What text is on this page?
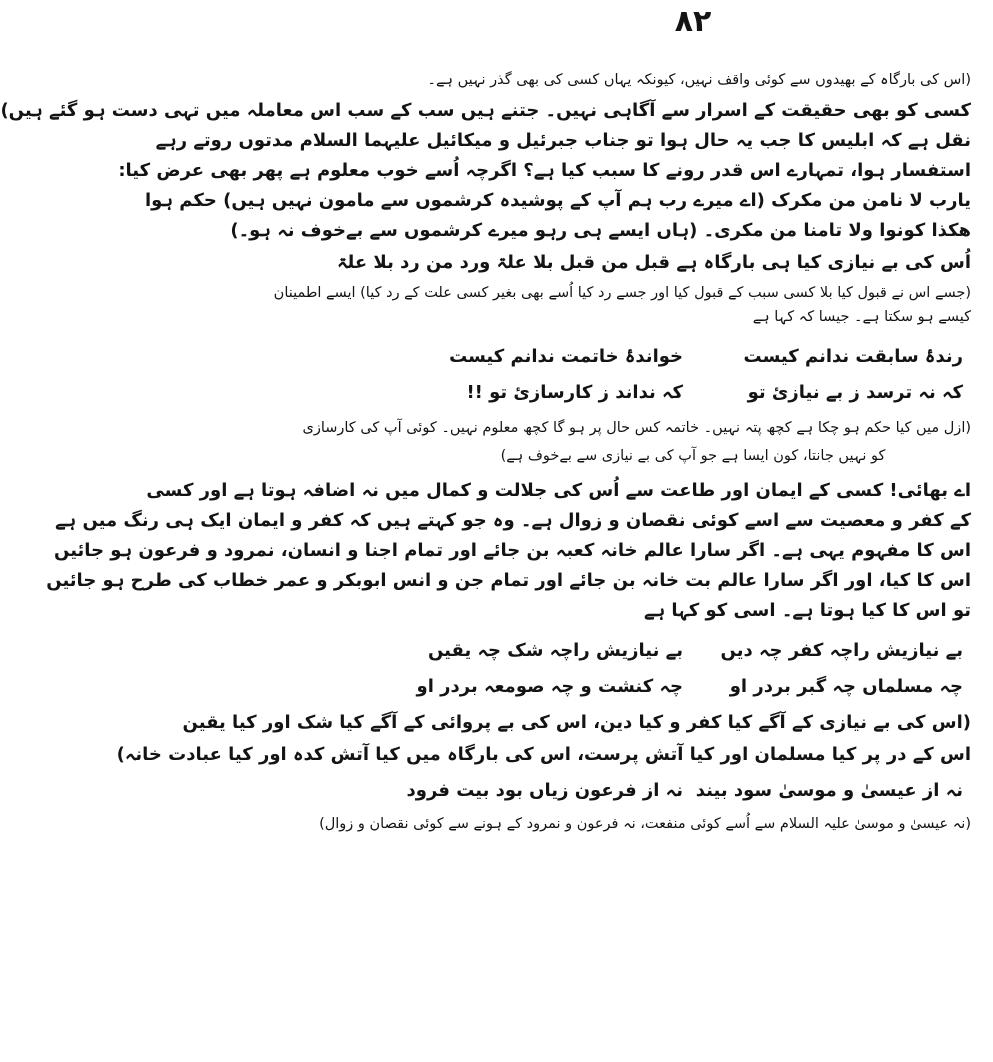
۸۲
(اس کی بارگاہ کے بھیدوں سے کوئی واقف نہیں، کیونکہ یہاں کسی کی بھی گذر نہیں ہے۔
کسی کو بھی حقیقت کے اسرار سے آگاہی نہیں۔ جتنے ہیں سب کے سب اس معاملہ میں تہی دست ہو گئے ہیں)
نقل ہے کہ ابلیس کا جب یہ حال ہوا تو جناب جبرئیل و میکائیل علیہما السلام مدتوں روتے رہے
استفسار ہوا، تمہارے اس قدر رونے کا سبب کیا ہے؟ اگرچہ اُسے خوب معلوم ہے پھر بھی عرض کیا:
یارب لا نامن من مکرک (اے میرے رب ہم آپ کے پوشیدہ کرشموں سے مامون نہیں ہیں) حکم ہوا
ھکذا کونوا ولا تامنا من مکری۔ (ہاں ایسے ہی رہو میرے کرشموں سے بےخوف نہ ہو۔)
اُس کی بے نیازی کیا ہی بارگاہ ہے قبل من قبل بلا علۃ ورد من رد بلا علۃ
(جسے اس نے قبول کیا بلا کسی سبب کے قبول کیا اور جسے رد کیا اُسے بھی بغیر کسی علت کے رد کیا) ایسے اطمینان
کیسے ہو سکتا ہے۔ جیسا کہ کہا ہے
رندۂ سابقت ندانم کیست
خواندۂ خاتمت ندانم کیست
کہ نہ ترسد ز بے نیازیٔ تو
کہ نداند ز کارسازیٔ تو !!
(ازل میں کیا حکم ہو چکا ہے کچھ پتہ نہیں۔ خاتمہ کس حال پر ہو گا کچھ معلوم نہیں۔ کوئی آپ کی کارسازی
کو نہیں جانتا، کون ایسا ہے جو آپ کی بے نیازی سے بےخوف ہے)
اے بھائی! کسی کے ایمان اور طاعت سے اُس کی جلالت و کمال میں نہ اضافہ ہوتا ہے اور کسی
کے کفر و معصیت سے اسے کوئی نقصان و زوال ہے۔ وہ جو کہتے ہیں کہ کفر و ایمان ایک ہی رنگ میں ہے
اس کا مفہوم یہی ہے۔ اگر سارا عالم خانہ کعبہ بن جائے اور تمام اجنا و انسان، نمرود و فرعون ہو جائیں
اس کا کیا، اور اگر سارا عالم بت خانہ بن جائے اور تمام جن و انس ابوبکر و عمر خطاب کی طرح ہو جائیں
تو اس کا کیا ہوتا ہے۔ اسی کو کہا ہے
بے نیازیش راچہ کفر چہ دیں
بے نیازیش راچہ شک چہ یقیں
چہ مسلماں چہ گبر بردر او
چہ کنشت و چہ صومعہ بردر او
(اس کی بے نیازی کے آگے کیا کفر و کیا دین، اس کی بے پروائی کے آگے کیا شک اور کیا یقین
اس کے در پر کیا مسلمان اور کیا آتش پرست، اس کی بارگاہ میں کیا آتش کدہ اور کیا عبادت خانہ)
نہ از عیسیٰ و موسیٰ سود بیند
نہ از فرعون زیاں بود بیت فرود
(نہ عیسیٰ و موسیٰ علیہ السلام سے اُسے کوئی منفعت، نہ فرعون و نمرود کے ہونے سے کوئی نقصان و زوال)
